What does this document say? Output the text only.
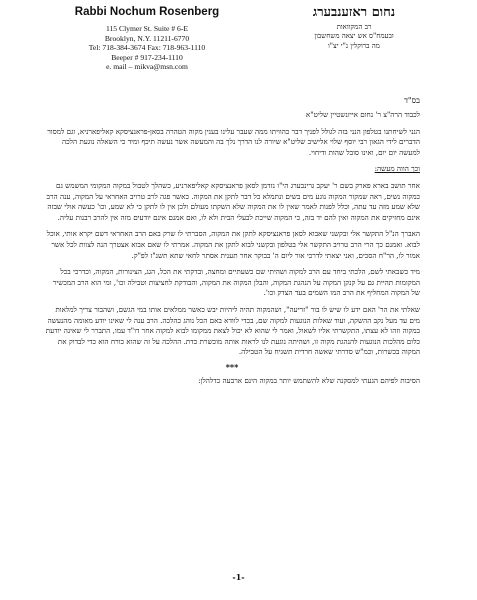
Rabbi Nochum Rosenberg
115 Clymer St. Suite # 6-E
Brooklyn, N.Y. 11211-6770
Tel: 718-384-3674 Fax: 718-963-1110
Beeper # 917-234-1110
e. mail – mikva@msn.com
נחום ראזענבערג
רב המקוואות
ובעמח"ס אש יצאה משחשבון
מה ברוקלין נ"י יצ"ו
בס"ד

לכבוד הרה"צ ר' נחום אייזנשטיין שליט"א

הנני לשיחתנו בטלפון הנני בזה לגולל לפניך דבר כהוויתו ממה שעבר עלינו בענין מקוה הטהרה בסאן-פראנציסקא קאליפארניא, וגם למסור הדברים לידי הגאון רבי יוסף שלוי אלישיב שליט"א שיורה לנו הדרך נלך בה והמעשה אשר נעשה תיכף ומיד כי השאלה נוגעת הלכה למעשה יום יום, ואינו סובל שהות ודיחוי.

וכך הווה מעשה:

אחר תושב בארא פארק בשם ר' יעקב גרינבערג הי"ו נזדמן לסאן פראנציסקא קאליפארניע, כשהלך לטבול במקוה המקומי המשמש גם כמקוה נשים, ראה שמקור המקוה נוגע מים בשים ונתמלא כל דבר לתקן את המקוה. כאשר פגה לרב טרויב האחראי על המקוה, ענה הרב שלא שמע מזה עד עתה, וכלל לפנות לאמר שאין לו את המקוה שלא השקתו מעולם ולכן אין לו לתקן כי לא שמע, וכו' כעשה אולי שבזה אינם מחזיקים את המקוה ואין להם יד בזה, כי המקוה שייכת לבעלי הבית ולא לו, ואם אמנם אינם יודעים מזה אין להרב רבנות עליה.

האברך הנ"ל התקשר אלי ובקשני שאבוא לסאן פראנציסקא לתקן את המקוה, הסברתי לו שרק באם הרב האחראי דשם יקרא אותי, אוכל לבוא. ואמנם כך הרי הרב טרויב התקשר אלי בטלפון ובקשני לבוא לתקן את המקוה. אמרתי לו שאם אבוא אצטרך הנה לצוות לכל אשר אמור לו, הר"ח הסכים, ואני יצאתי לדרכי אור ליום ה' בבוקר אחר תענית אסתר לחאי שתא תשנ"ז לפ"ק.

מיד כשבאתי לשם, הלכתי ביחד עם הרב למקוה ושהיתי שם כשעתיים ומחצה, ובדקתי את הכל, הגג, הצינורות, המקוה, וכדרכי בכל המקומות תהיית גם על קנקן המקוה על הנהגת המקוה, והבלן המקוה את המקוה, והבודקת לחציצות וטבילה וכו', ומי הוא הרב המכשיר של המקוה המחליף את הרב המו השמים בעד הצדק וכו'.

שאלתי את הר' האם ידע לו שיש לו בור "זריעה", ושהמקוה תהיה ליהיות יבש כאשר ממלאים אותו במי הגשם, ושהבור צריך למלאות מים עד מעל נקב ההשקה, ועוד שאלות הנוגעות למקוה שם, בכדי לוודא באם הכל נוהג כהלכה. הרב ענה לי שאינו יודע מאומה מהנעשה במקוה וזהו לא עצתו, התקשרתי אליו לשאול, ואמר לי שהוא לא יכול לצאת ממקומו לבוא למקוה אחר דו"ד עמו, התברר לי שאינה יודעת כלום מהלכות הנוגעות להנהגת מקוה זו, ושהיתה נוגעת לנו לראות אותה מוכשרת כדת. ההלכה על זה שהוא כורח הוא כדי לבדוק את המקוה בכשרות, וכמ"ש סדרתי שאשה חרדית תשגיח על הטבילה.

***

הסיבות לפיהם הגעתי למסקנה שלא להשתמש יותר במקוה הינם ארבעה כדלהלן:

-1-
